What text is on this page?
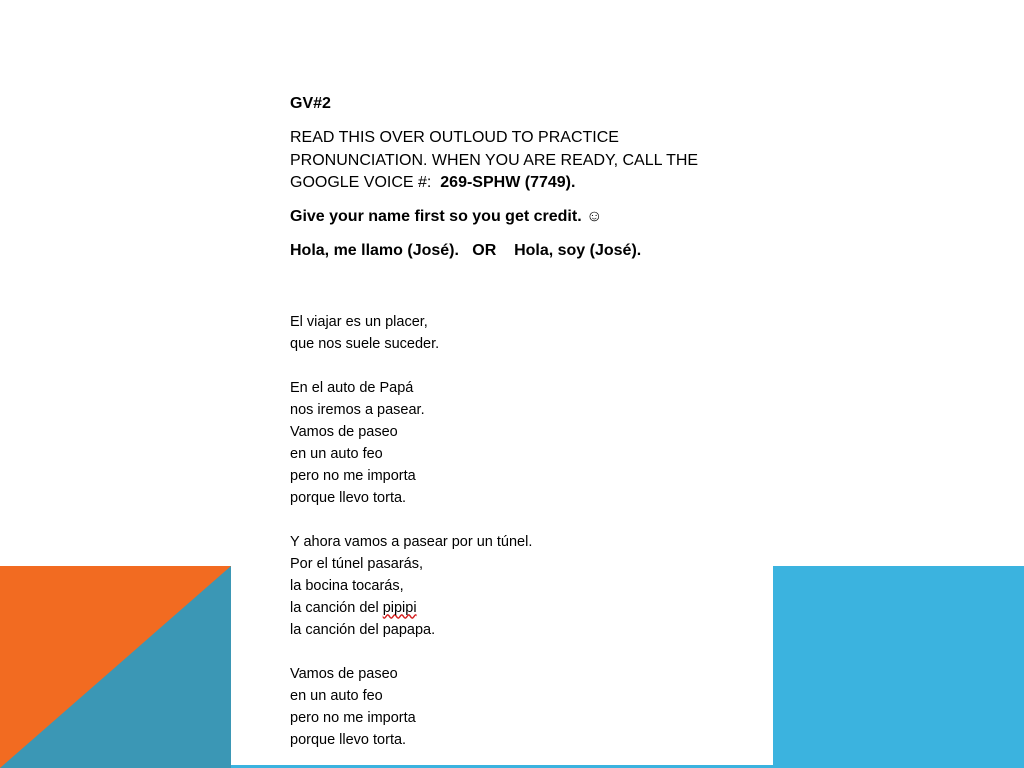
GV#2

READ THIS OVER OUTLOUD TO PRACTICE

PRONUNCIATION. WHEN YOU ARE READY, CALL THE

GOOGLE VOICE #: 269-SPHW (7749).

Give your name first so you get credit. ☺

Hola, me llamo (José). OR Hola, soy (José).

El viajar es un placer,

que nos suele suceder.

En el auto de Papá

nos iremos a pasear.

Vamos de paseo

en un auto feo

pero no me importa

porque llevo torta.

Y ahora vamos a pasear por un túnel.

Por el túnel pasarás,

la bocina tocarás,

la canción del pipipi

la canción del papapa.

Vamos de paseo

en un auto feo

pero no me importa

porque llevo torta.
